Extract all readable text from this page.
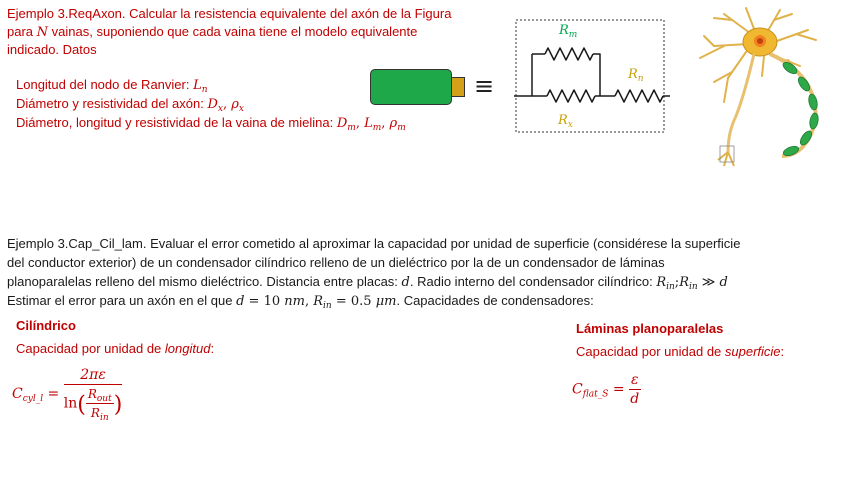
Ejemplo 3.ReqAxon. Calcular la resistencia equivalente del axón de la Figura

para N vainas, suponiendo que cada vaina tiene el modelo equivalente

indicado. Datos

Longitud del nodo de Ranvier: $L_n$

Diámetro y resistividad del axón: $D_x$, $\rho_x$

Diámetro, longitud y resistividad de la vaina de mielina: $D_m$, $L_m$, $\rho_m$

≡
$R_m$
$R_n$
$R_x$

Ejemplo 3.Cap_Cil_lam. Evaluar el error cometido al aproximar la capacidad por unidad de superficie (considérese la superficie

del conductor exterior) de un condensador cilíndrico relleno de un dieléctrico por la de un condensador de láminas

planoparalelas relleno del mismo dieléctrico. Distancia entre placas: d. Radio interno del condensador cilíndrico: $R_{in};R_{in}$ ≫ d

Estimar el error para un axón en el que d = 10 nm, $R_{in} = 0.5$ μm. Capacidades de condensadores:

Cilíndrico

Capacidad por unidad de longitud:

$C_{cyl\_l} = \frac{2\pi\varepsilon}{\ln( \frac{R_{out}}{R_{in}} )}$

Láminas planoparalelas

Capacidad por unidad de superficie:

$C_{flat\_S} = \frac{\varepsilon}{d}$
